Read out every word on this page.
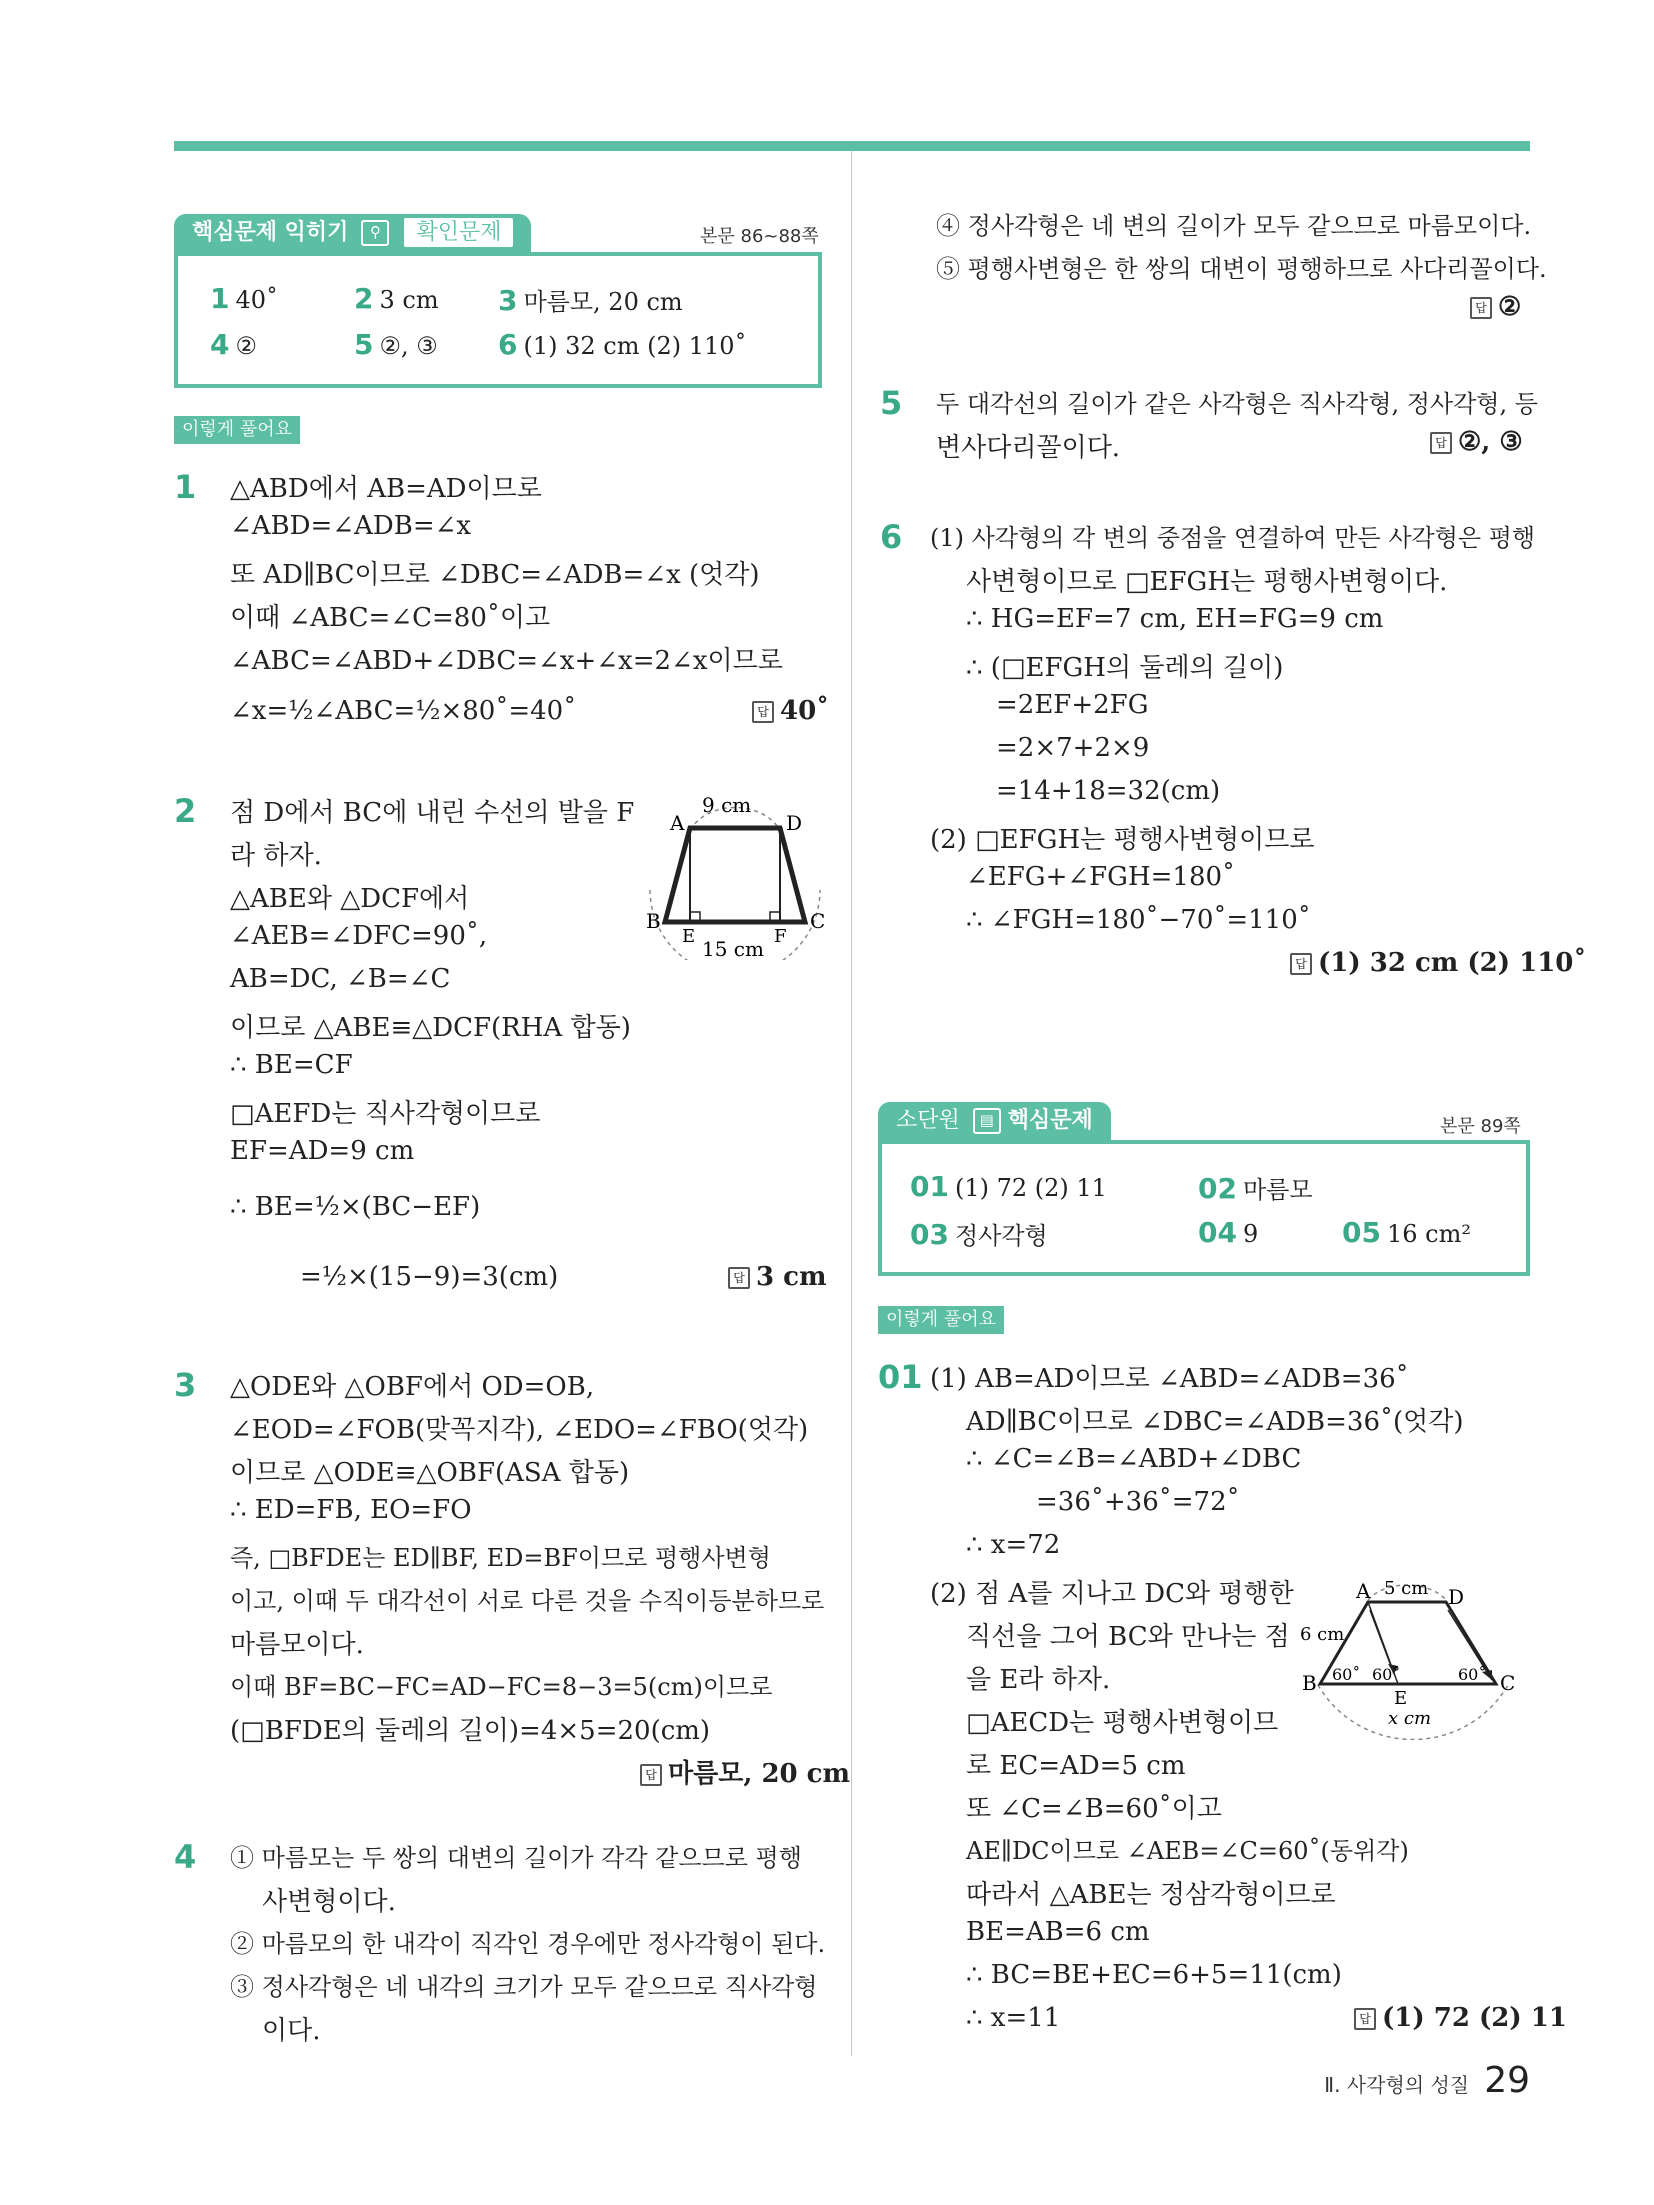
핵심문제 익히기 ⚲ 확인문제	본문 86~88쪽
1 40˚	2 3 cm 3 마름모, 20 cm
4 ②	5 ②, ③ 6 (1) 32 cm (2) 110˚
이렇게 풀어요
1 △ABD에서 AB=AD이므로
∠ABD=∠ADB=∠x
또 AD∥BC이므로 ∠DBC=∠ADB=∠x (엇각)
이때 ∠ABC=∠C=80˚이고
∠ABC=∠ABD+∠DBC=∠x+∠x=2∠x이므로
∠x=½∠ABC=½×80˚=40˚	답 40˚
2 점 D에서 BC에 내린 수선의 발을 F
라 하자.
△ABE와 △DCF에서
∠AEB=∠DFC=90˚,
AB=DC, ∠B=∠C
이므로 △ABE≡△DCF(RHA 합동)
∴ BE=CF
□AEFD는 직사각형이므로
EF=AD=9 cm
∴ BE=½×(BC−EF)
=½×(15−9)=3(cm)	답 3 cm
9 cm
A	D
B	C
E	F
15 cm
3 △ODE와 △OBF에서 OD=OB,
∠EOD=∠FOB(맞꼭지각), ∠EDO=∠FBO(엇각)
이므로 △ODE≡△OBF(ASA 합동)
∴ ED=FB, EO=FO
즉, □BFDE는 ED∥BF, ED=BF이므로 평행사변형
이고, 이때 두 대각선이 서로 다른 것을 수직이등분하므로
마름모이다.
이때 BF=BC−FC=AD−FC=8−3=5(cm)이므로
(□BFDE의 둘레의 길이)=4×5=20(cm)
답 마름모, 20 cm
4 ① 마름모는 두 쌍의 대변의 길이가 각각 같으므로 평행
사변형이다.
② 마름모의 한 내각이 직각인 경우에만 정사각형이 된다.
③ 정사각형은 네 내각의 크기가 모두 같으므로 직사각형
이다.
④ 정사각형은 네 변의 길이가 모두 같으므로 마름모이다.
⑤ 평행사변형은 한 쌍의 대변이 평행하므로 사다리꼴이다.
답 ②
5 두 대각선의 길이가 같은 사각형은 직사각형, 정사각형, 등
변사다리꼴이다.	답 ②, ③
6 (1) 사각형의 각 변의 중점을 연결하여 만든 사각형은 평행
사변형이므로 □EFGH는 평행사변형이다.
∴ HG=EF=7 cm, EH=FG=9 cm
∴ (□EFGH의 둘레의 길이)
=2EF+2FG
=2×7+2×9
=14+18=32(cm)
(2) □EFGH는 평행사변형이므로
∠EFG+∠FGH=180˚
∴ ∠FGH=180˚−70˚=110˚
답 (1) 32 cm (2) 110˚
소단원 ▤ 핵심문제	본문 89쪽
01 (1) 72 (2) 11	02 마름모
03 정사각형	04 9	05 16 cm²
이렇게 풀어요
01 (1) AB=AD이므로 ∠ABD=∠ADB=36˚
AD∥BC이므로 ∠DBC=∠ADB=36˚(엇각)
∴ ∠C=∠B=∠ABD+∠DBC
=36˚+36˚=72˚
∴ x=72
(2) 점 A를 지나고 DC와 평행한
직선을 그어 BC와 만나는 점
을 E라 하자.
□AECD는 평행사변형이므
로 EC=AD=5 cm
또 ∠C=∠B=60˚이고
AE∥DC이므로 ∠AEB=∠C=60˚(동위각)
따라서 △ABE는 정삼각형이므로
BE=AB=6 cm
∴ BC=BE+EC=6+5=11(cm)
∴ x=11	답 (1) 72 (2) 11
A	D
5 cm
6 cm
B	C
E
60˚ 60˚	60˚
x cm
Ⅱ. 사각형의 성질 29
